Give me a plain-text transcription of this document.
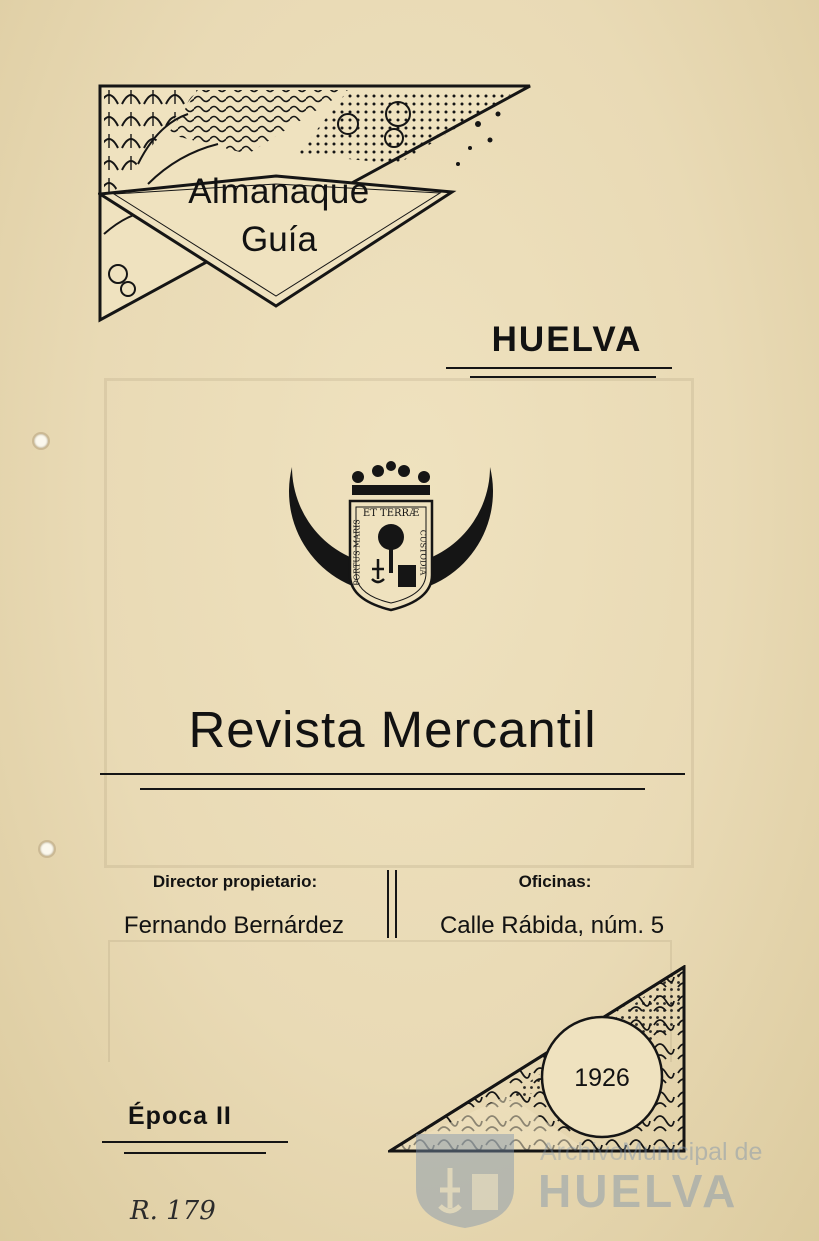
Almanaque
Guía
HUELVA
ET TERRÆ
PORTUS MARIS	CUSTODIA
Revista Mercantil
Director propietario:
Fernando Bernárdez
Oficinas:
Calle Rábida, núm. 5
Época II
1926
R. 179
Archivo
Municipal de
HUELVA
